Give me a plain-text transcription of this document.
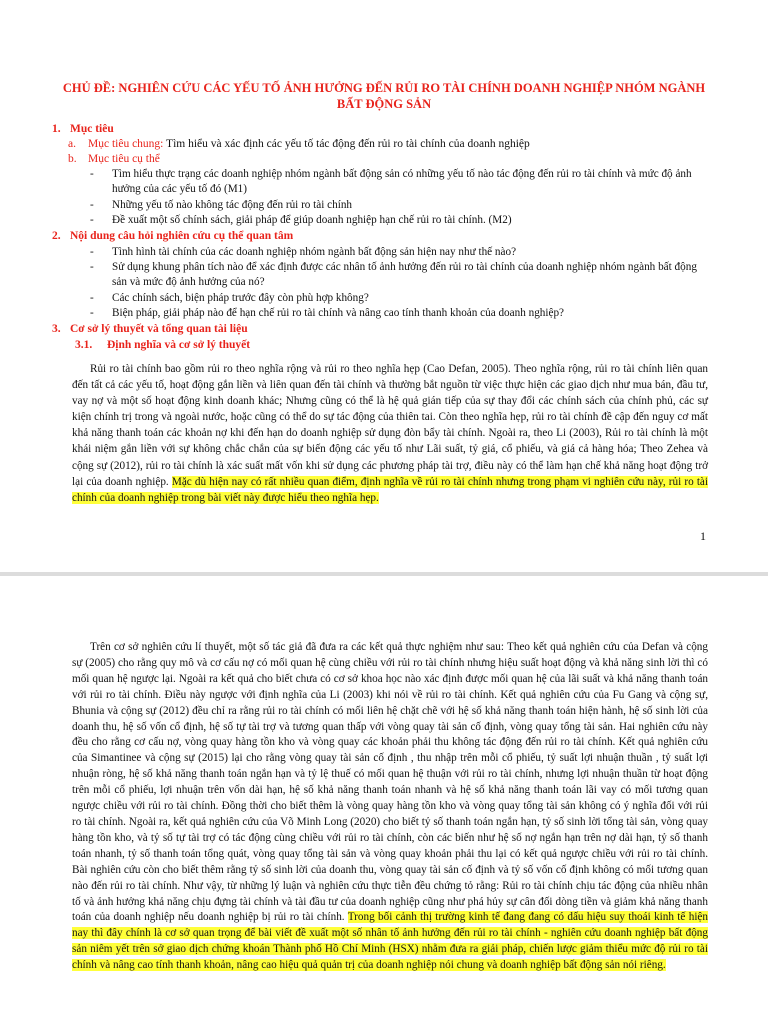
CHỦ ĐỀ: NGHIÊN CỨU CÁC YẾU TỐ ẢNH HƯỞNG ĐẾN RỦI RO TÀI CHÍNH DOANH NGHIỆP NHÓM NGÀNH BẤT ĐỘNG SẢN
1. Mục tiêu
a. Mục tiêu chung: Tìm hiểu và xác định các yếu tố tác động đến rủi ro tài chính của doanh nghiệp
b. Mục tiêu cụ thể
- Tìm hiểu thực trạng các doanh nghiệp nhóm ngành bất động sản có những yếu tố nào tác động đến rủi ro tài chính và mức độ ảnh hưởng của các yếu tố đó (M1)
- Những yếu tố nào không tác động đến rủi ro tài chính
- Đề xuất một số chính sách, giải pháp để giúp doanh nghiệp hạn chế rủi ro tài chính. (M2)
2. Nội dung câu hỏi nghiên cứu cụ thể quan tâm
- Tình hình tài chính của các doanh nghiệp nhóm ngành bất động sản hiện nay như thế nào?
- Sử dụng khung phân tích nào để xác định được các nhân tố ảnh hưởng đến rủi ro tài chính của doanh nghiệp nhóm ngành bất động sản và mức độ ảnh hưởng của nó?
- Các chính sách, biện pháp trước đây còn phù hợp không?
- Biện pháp, giải pháp nào để hạn chế rủi ro tài chính và nâng cao tính thanh khoản của doanh nghiệp?
3. Cơ sở lý thuyết và tổng quan tài liệu
3.1. Định nghĩa và cơ sở lý thuyết
Rủi ro tài chính bao gồm rủi ro theo nghĩa rộng và rủi ro theo nghĩa hẹp (Cao Defan, 2005). Theo nghĩa rộng, rủi ro tài chính liên quan đến tất cả các yếu tố, hoạt động gắn liền và liên quan đến tài chính và thường bắt nguồn từ việc thực hiện các giao dịch như mua bán, đầu tư, vay nợ và một số hoạt động kinh doanh khác; Nhưng cũng có thể là hệ quả gián tiếp của sự thay đổi các chính sách của chính phủ, các sự kiện chính trị trong và ngoài nước, hoặc cũng có thể do sự tác động của thiên tai. Còn theo nghĩa hẹp, rủi ro tài chính đề cập đến nguy cơ mất khả năng thanh toán các khoản nợ khi đến hạn do doanh nghiệp sử dụng đòn bẩy tài chính. Ngoài ra, theo Li (2003), Rủi ro tài chính là một khái niệm gắn liền với sự không chắc chắn của sự biến động các yếu tố như Lãi suất, tỷ giá, cổ phiếu, và giá cả hàng hóa; Theo Zehea và cộng sự (2012), rủi ro tài chính là xác suất mất vốn khi sử dụng các phương pháp tài trợ, điều này có thể làm hạn chế khả năng hoạt động trở lại của doanh nghiệp. Mặc dù hiện nay có rất nhiều quan điểm, định nghĩa về rủi ro tài chính nhưng trong phạm vi nghiên cứu này, rủi ro tài chính của doanh nghiệp trong bài viết này được hiểu theo nghĩa hẹp.
1
Trên cơ sở nghiên cứu lí thuyết, một số tác giả đã đưa ra các kết quả thực nghiệm như sau: Theo kết quả nghiên cứu của Defan và cộng sự (2005) cho rằng quy mô và cơ cấu nợ có mối quan hệ cùng chiều với rủi ro tài chính nhưng hiệu suất hoạt động và khả năng sinh lời thì có mối quan hệ ngược lại. Ngoài ra kết quả cho biết chưa có cơ sở khoa học nào xác định được mối quan hệ của lãi suất và khả năng thanh toán với rủi ro tài chính. Điều này ngược với định nghĩa của Li (2003) khi nói về rủi ro tài chính. Kết quả nghiên cứu của Fu Gang và cộng sự, Bhunia và cộng sự (2012) đều chỉ ra rằng rủi ro tài chính có mối liên hệ chặt chẽ với hệ số khả năng thanh toán hiện hành, hệ số sinh lời của doanh thu, hệ số vốn cổ định, hệ số tự tài trợ và tương quan thấp với vòng quay tài sản cố định, vòng quay tổng tài sản. Hai nghiên cứu này đều cho rằng cơ cấu nợ, vòng quay hàng tồn kho và vòng quay các khoản phải thu không tác động đến rủi ro tài chính. Kết quả nghiên cứu của Simantinee và cộng sự (2015) lại cho rằng vòng quay tài sản cố định , thu nhập trên mỗi cổ phiếu, tỷ suất lợi nhuận thuần , tỷ suất lợi nhuận ròng, hệ số khả năng thanh toán ngắn hạn và tỷ lệ thuế có mối quan hệ thuận với rủi ro tài chính, nhưng lợi nhuận thuần từ hoạt động trên mỗi cổ phiếu, lợi nhuận trên vốn dài hạn, hệ số khả năng thanh toán nhanh và hệ số khả năng thanh toán lãi vay có mối tương quan ngược chiều với rủi ro tài chính. Đồng thời cho biết thêm là vòng quay hàng tồn kho và vòng quay tổng tài sản không có ý nghĩa đối với rủi ro tài chính. Ngoài ra, kết quả nghiên cứu của Võ Minh Long (2020) cho biết tỷ số thanh toán ngắn hạn, tỷ số sinh lời tổng tài sản, vòng quay hàng tồn kho, và tỷ số tự tài trợ có tác động cùng chiều với rủi ro tài chính, còn các biến như hệ số nợ ngắn hạn trên nợ dài hạn, tỷ số thanh toán nhanh, tỷ số thanh toán tổng quát, vòng quay tổng tài sản và vòng quay khoản phải thu lại có kết quả ngược chiều với rủi ro tài chính. Bài nghiên cứu còn cho biết thêm rằng tỷ số sinh lời của doanh thu, vòng quay tài sản cố định và tỷ số vốn cố định không có mối tương quan nào đến rủi ro tài chính. Như vậy, từ những lý luận và nghiên cứu thực tiễn đều chứng tỏ rằng: Rủi ro tài chính chịu tác động của nhiều nhân tố và ảnh hưởng khả năng chịu đựng tài chính và tài đầu tư của doanh nghiệp cũng như phá hủy sự cân đối dòng tiền và giảm khả năng thanh toán của doanh nghiệp nếu doanh nghiệp bị rủi ro tài chính. Trong bối cảnh thị trường kinh tế đang đang có dấu hiệu suy thoái kinh tế hiện nay thì đây chính là cơ sở quan trọng để bài viết đề xuất một số nhân tố ảnh hưởng đến rủi ro tài chính - nghiên cứu doanh nghiệp bất động sản niêm yết trên sở giao dịch chứng khoán Thành phố Hồ Chí Minh (HSX) nhằm đưa ra giải pháp, chiến lược giảm thiểu mức độ rủi ro tài chính và nâng cao tính thanh khoản, nâng cao hiệu quả quản trị của doanh nghiệp nói chung và doanh nghiệp bất động sản nói riêng.
